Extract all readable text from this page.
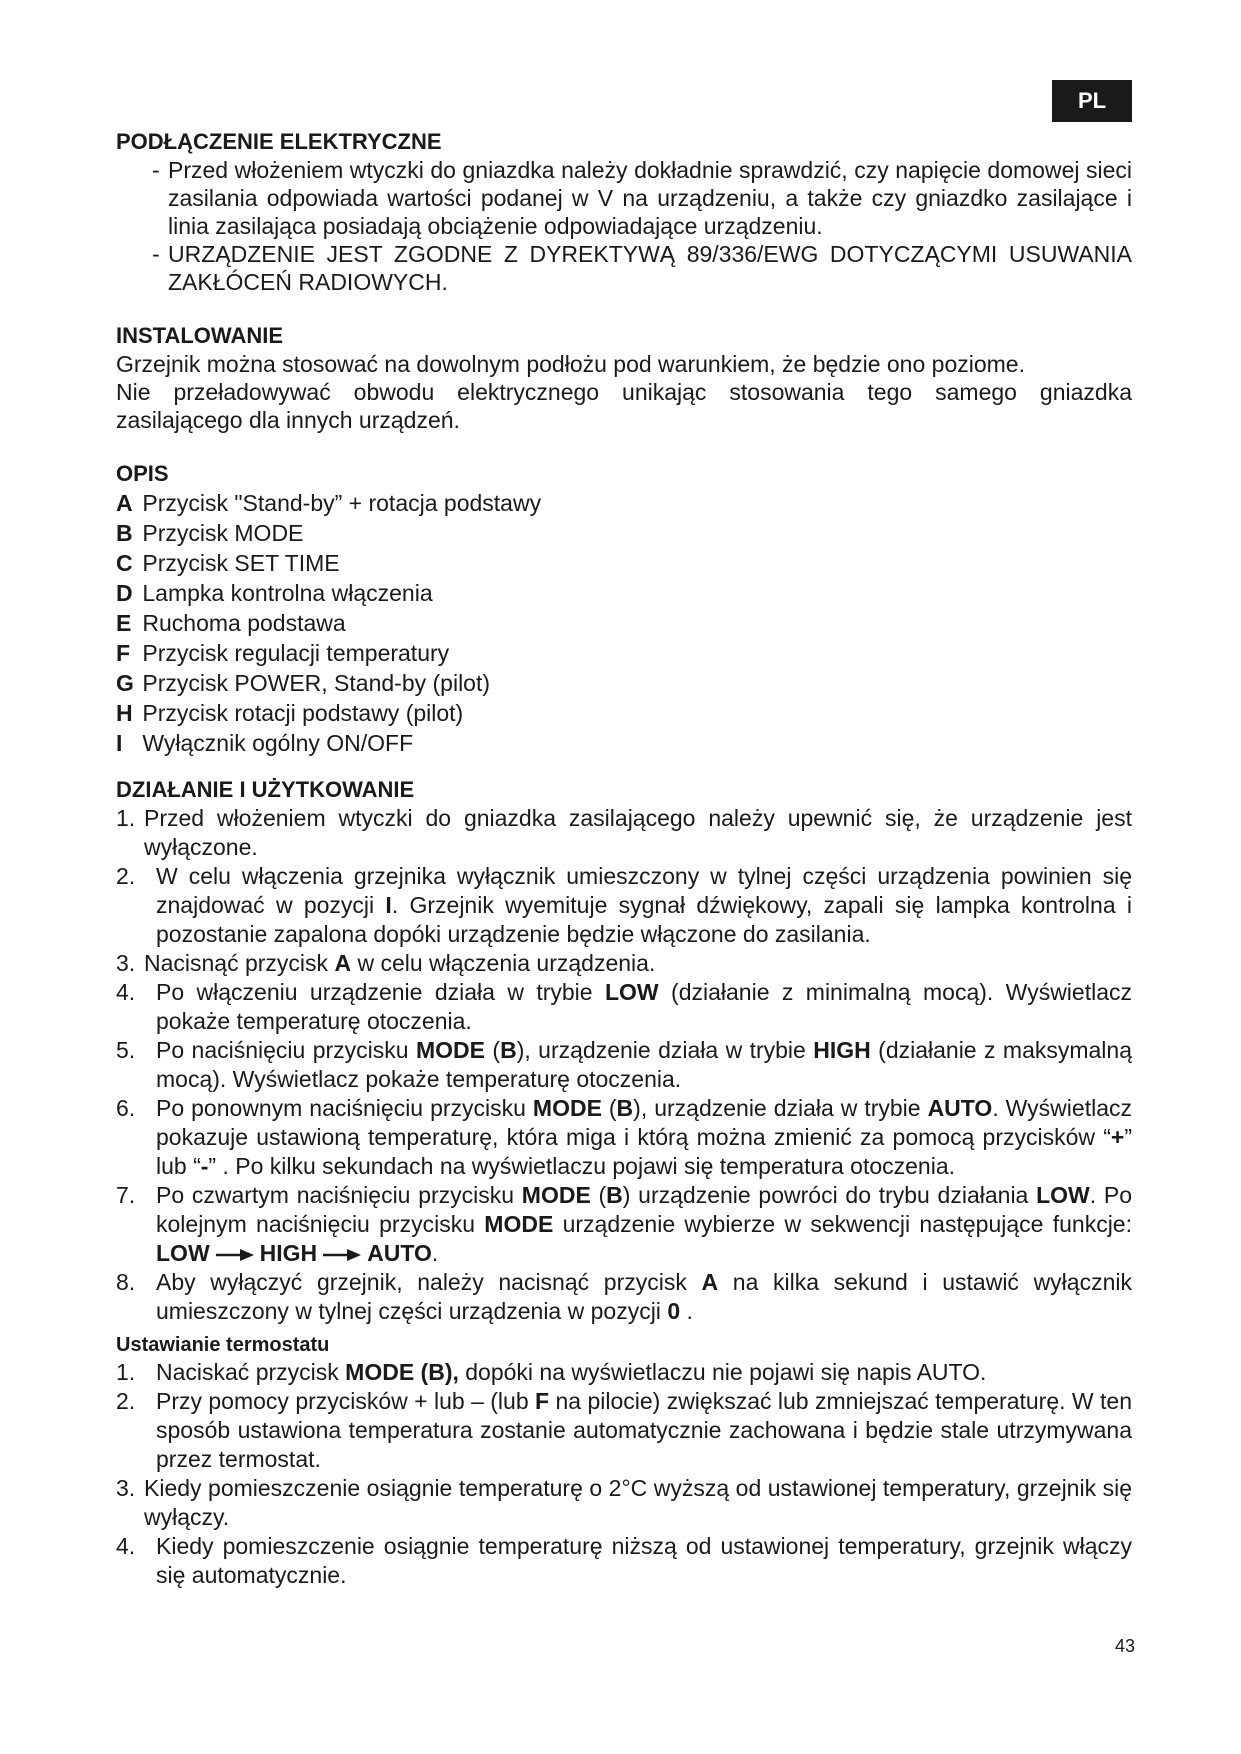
PL

PODŁĄCZENIE ELEKTRYCZNE

- Przed włożeniem wtyczki do gniazdka należy dokładnie sprawdzić, czy napięcie domowej sieci zasilania odpowiada wartości podanej w V na urządzeniu, a także czy gniazdko zasilające i linia zasilająca posiadają obciążenie odpowiadające urządzeniu.

- URZĄDZENIE JEST ZGODNE Z DYREKTYWĄ 89/336/EWG DOTYCZĄCYMI USUWANIA ZAKŁÓCEŃ RADIOWYCH.

INSTALOWANIE

Grzejnik można stosować na dowolnym podłożu pod warunkiem, że będzie ono poziome.

Nie przeładowywać obwodu elektrycznego unikając stosowania tego samego gniazdka zasilającego dla innych urządzeń.

OPIS

A Przycisk "Stand-by” + rotacja podstawy

B Przycisk MODE

C Przycisk SET TIME

D Lampka kontrolna włączenia

E Ruchoma podstawa

F Przycisk regulacji temperatury

G Przycisk POWER, Stand-by (pilot)

H Przycisk rotacji podstawy (pilot)

I Wyłącznik ogólny ON/OFF

DZIAŁANIE I UŻYTKOWANIE

1. Przed włożeniem wtyczki do gniazdka zasilającego należy upewnić się, że urządzenie jest wyłączone.
2. W celu włączenia grzejnika wyłącznik umieszczony w tylnej części urządzenia powinien się znajdować w pozycji I. Grzejnik wyemituje sygnał dźwiękowy, zapali się lampka kontrolna i pozostanie zapalona dopóki urządzenie będzie włączone do zasilania.
3. Nacisnąć przycisk A w celu włączenia urządzenia.
4. Po włączeniu urządzenie działa w trybie LOW (działanie z minimalną mocą). Wyświetlacz pokaże temperaturę otoczenia.
5. Po naciśnięciu przycisku MODE (B), urządzenie działa w trybie HIGH (działanie z maksymalną mocą). Wyświetlacz pokaże temperaturę otoczenia.
6. Po ponownym naciśnięciu przycisku MODE (B), urządzenie działa w trybie AUTO. Wyświetlacz pokazuje ustawioną temperaturę, która miga i którą można zmienić za pomocą przycisków “+” lub “-” . Po kilku sekundach na wyświetlaczu pojawi się temperatura otoczenia.
7. Po czwartym naciśnięciu przycisku MODE (B) urządzenie powróci do trybu działania LOW. Po kolejnym naciśnięciu przycisku MODE urządzenie wybierze w sekwencji następujące funkcje: LOW HIGH AUTO.
8. Aby wyłączyć grzejnik, należy nacisnąć przycisk A na kilka sekund i ustawić wyłącznik umieszczony w tylnej części urządzenia w pozycji 0 .

Ustawianie termostatu

1. Naciskać przycisk MODE (B), dopóki na wyświetlaczu nie pojawi się napis AUTO.
2. Przy pomocy przycisków + lub – (lub F na pilocie) zwiększać lub zmniejszać temperaturę. W ten sposób ustawiona temperatura zostanie automatycznie zachowana i będzie stale utrzymywana przez termostat.
3. Kiedy pomieszczenie osiągnie temperaturę o 2°C wyższą od ustawionej temperatury, grzejnik się wyłączy.
4. Kiedy pomieszczenie osiągnie temperaturę niższą od ustawionej temperatury, grzejnik włączy się automatycznie.
43
